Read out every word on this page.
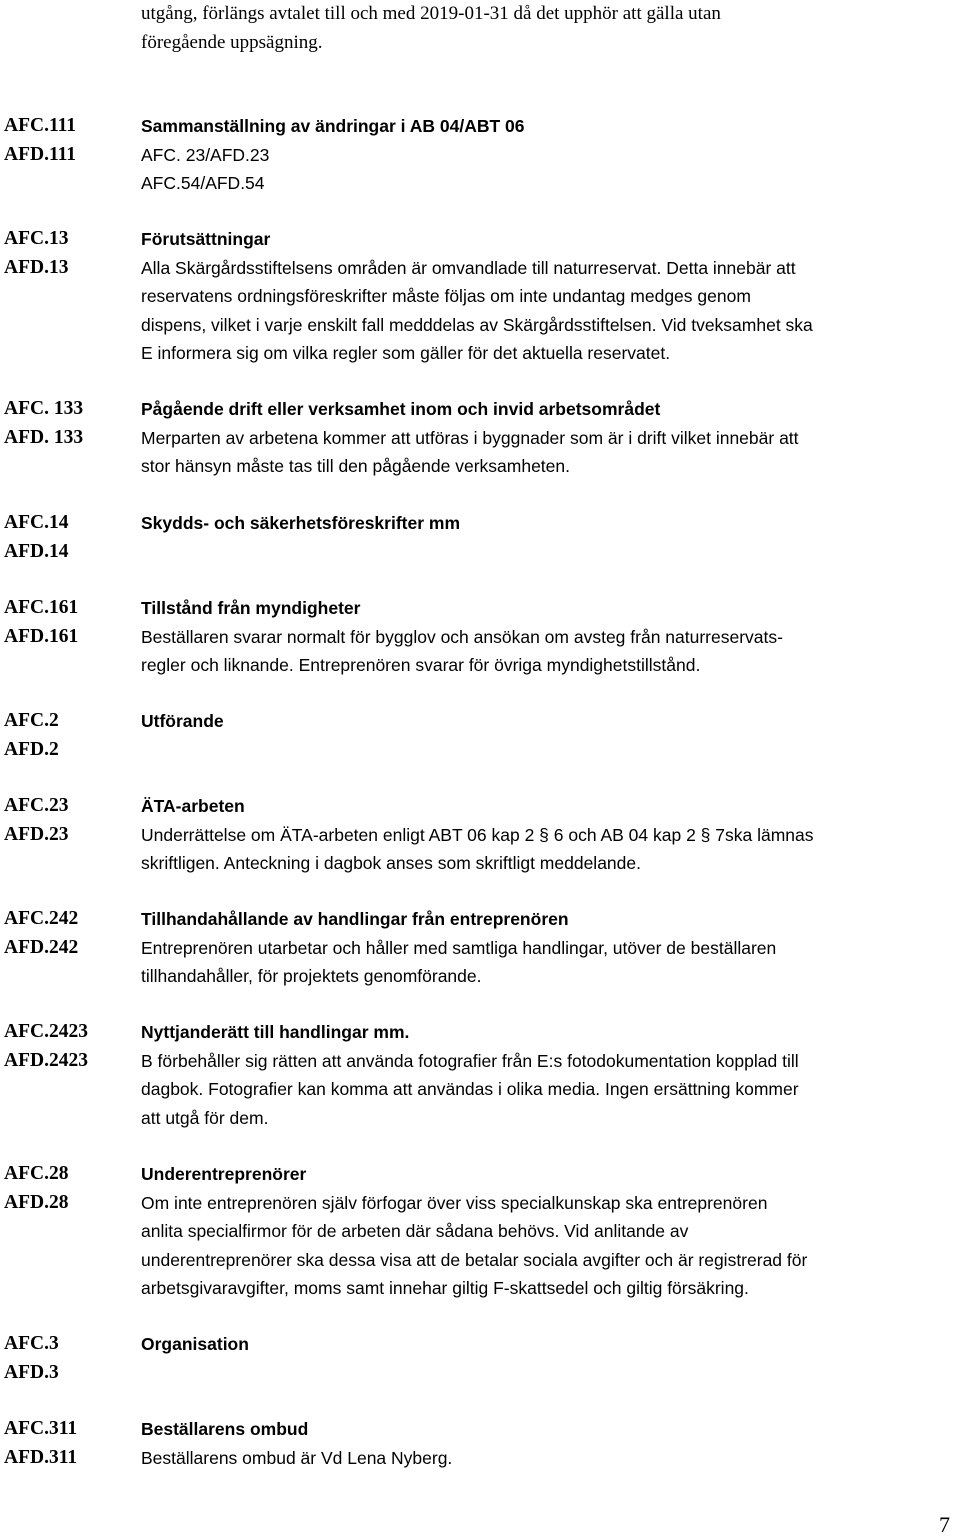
utgång, förlängs avtalet till och med 2019-01-31 då det upphör att gälla utan
föregående uppsägning.
AFC.111
AFD.111
Sammanställning av ändringar i AB 04/ABT 06
AFC. 23/AFD.23
AFC.54/AFD.54
AFC.13
AFD.13
Förutsättningar
Alla Skärgårdsstiftelsens områden är omvandlade till naturreservat. Detta innebär att
reservatens ordningsföreskrifter måste följas om inte undantag medges genom
dispens, vilket i varje enskilt fall medddelas av Skärgårdsstiftelsen. Vid tveksamhet ska
E informera sig om vilka regler som gäller för det aktuella reservatet.
AFC. 133
AFD. 133
Pågående drift eller verksamhet inom och invid arbetsområdet
Merparten av arbetena kommer att utföras i byggnader som är i drift vilket innebär att
stor hänsyn måste tas till den pågående verksamheten.
AFC.14
AFD.14
Skydds- och säkerhetsföreskrifter mm
AFC.161
AFD.161
Tillstånd från myndigheter
Beställaren svarar normalt för bygglov och ansökan om avsteg från naturreservats-
regler och liknande. Entreprenören svarar för övriga myndighetstillstånd.
AFC.2
AFD.2
Utförande
AFC.23
AFD.23
ÄTA-arbeten
Underrättelse om ÄTA-arbeten enligt ABT 06 kap 2 § 6 och AB 04 kap 2 § 7ska lämnas
skriftligen. Anteckning i dagbok anses som skriftligt meddelande.
AFC.242
AFD.242
Tillhandahållande av handlingar från entreprenören
Entreprenören utarbetar och håller med samtliga handlingar, utöver de beställaren
tillhandahåller, för projektets genomförande.
AFC.2423
AFD.2423
Nyttjanderätt till handlingar mm.
B förbehåller sig rätten att använda fotografier från E:s fotodokumentation kopplad till
dagbok. Fotografier kan komma att användas i olika media. Ingen ersättning kommer
att utgå för dem.
AFC.28
AFD.28
Underentreprenörer
Om inte entreprenören själv förfogar över viss specialkunskap ska entreprenören
anlita specialfirmor för de arbeten där sådana behövs. Vid anlitande av
underentreprenörer ska dessa visa att de betalar sociala avgifter och är registrerad för
arbetsgivaravgifter, moms samt innehar giltig F-skattsedel och giltig försäkring.
AFC.3
AFD.3
Organisation
AFC.311
AFD.311
Beställarens ombud
Beställarens ombud är Vd Lena Nyberg.
7
